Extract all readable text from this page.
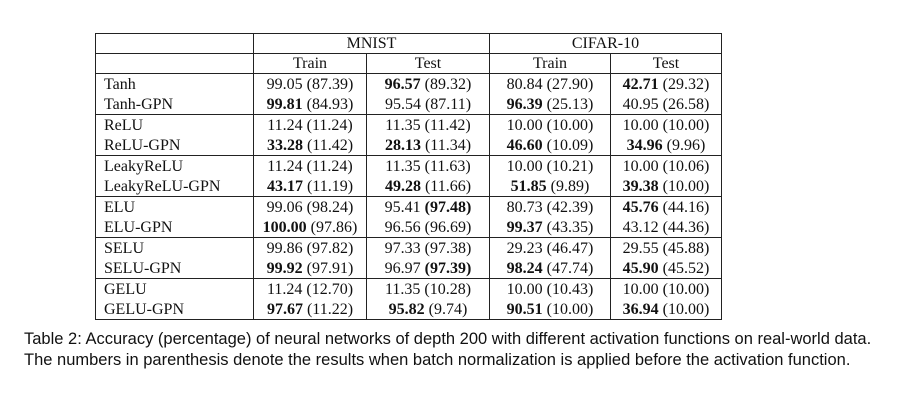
	MNIST		CIFAR-10	
	Train	Test	Train	Test
Tanh	99.05 (87.39)	96.57 (89.32)	80.84 (27.90)	42.71 (29.32)
Tanh-GPN	99.81 (84.93)	95.54 (87.11)	96.39 (25.13)	40.95 (26.58)
ReLU	11.24 (11.24)	11.35 (11.42)	10.00 (10.00)	10.00 (10.00)
ReLU-GPN	33.28 (11.42)	28.13 (11.34)	46.60 (10.09)	34.96 (9.96)
LeakyReLU	11.24 (11.24)	11.35 (11.63)	10.00 (10.21)	10.00 (10.06)
LeakyReLU-GPN	43.17 (11.19)	49.28 (11.66)	51.85 (9.89)	39.38 (10.00)
ELU	99.06 (98.24)	95.41 (97.48)	80.73 (42.39)	45.76 (44.16)
ELU-GPN	100.00 (97.86)	96.56 (96.69)	99.37 (43.35)	43.12 (44.36)
SELU	99.86 (97.82)	97.33 (97.38)	29.23 (46.47)	29.55 (45.88)
SELU-GPN	99.92 (97.91)	96.97 (97.39)	98.24 (47.74)	45.90 (45.52)
GELU	11.24 (12.70)	11.35 (10.28)	10.00 (10.43)	10.00 (10.00)
GELU-GPN	97.67 (11.22)	95.82 (9.74)	90.51 (10.00)	36.94 (10.00)
Table 2: Accuracy (percentage) of neural networks of depth 200 with different activation functions on real-world data. The numbers in parenthesis denote the results when batch normalization is applied before the activation function.
